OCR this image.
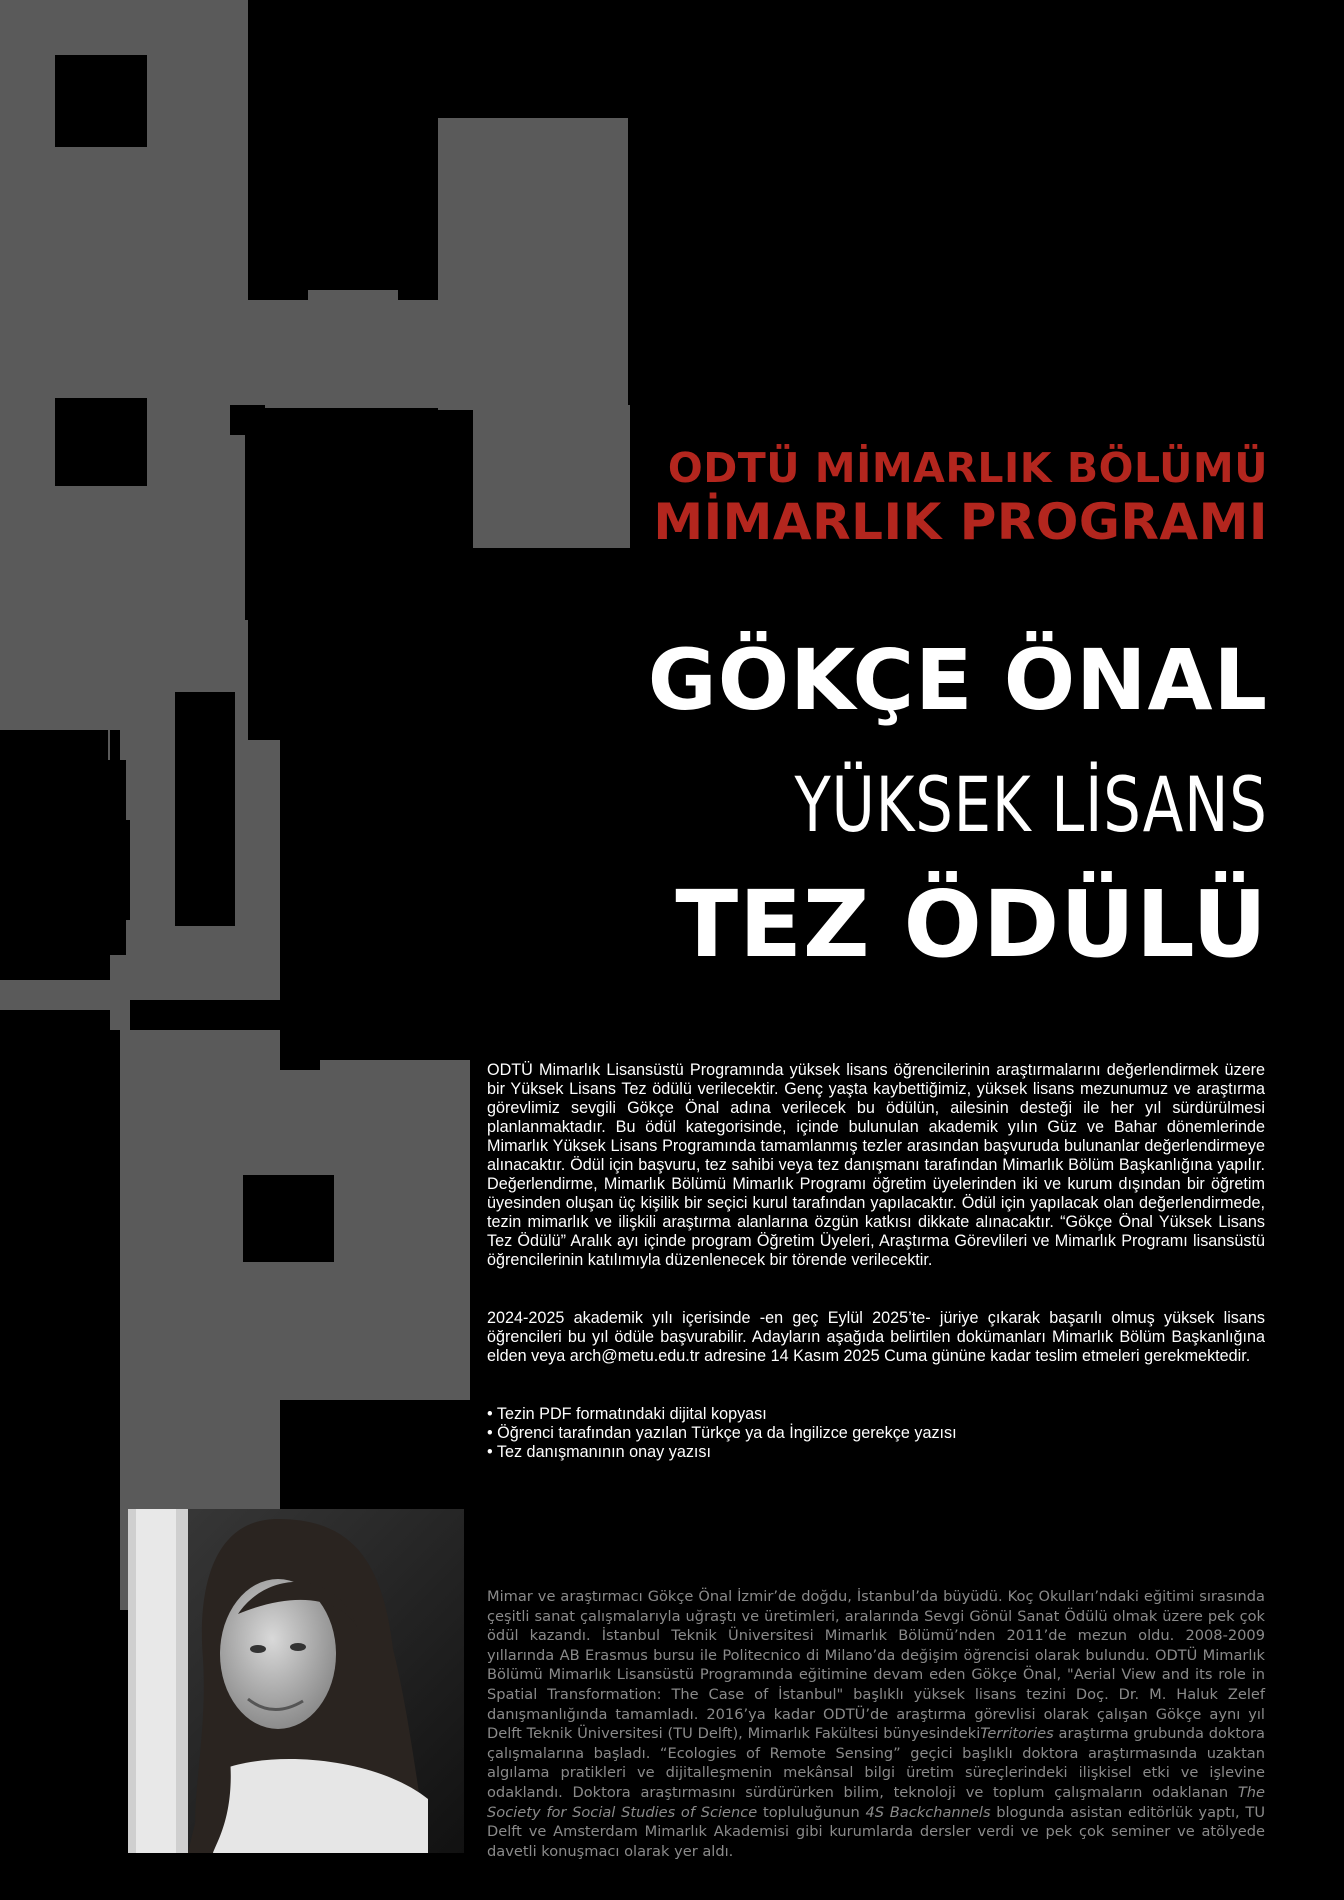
ODTÜ MİMARLIK BÖLÜMÜ
MİMARLIK PROGRAMI
GÖKÇE ÖNAL
YÜKSEK LİSANS
TEZ ÖDÜLÜ

ODTÜ Mimarlık Lisansüstü Programında yüksek lisans öğrencilerinin araştırmalarını değerlendirmek üzere bir Yüksek Lisans Tez ödülü verilecektir. Genç yaşta kaybettiğimiz, yüksek lisans mezunumuz ve araştırma görevlimiz sevgili Gökçe Önal adına verilecek bu ödülün, ailesinin desteği ile her yıl sürdürülmesi planlanmaktadır. Bu ödül kategorisinde, içinde bulunulan akademik yılın Güz ve Bahar dönemlerinde Mimarlık Yüksek Lisans Programında tamamlanmış tezler arasından başvuruda bulunanlar değerlendirmeye alınacaktır. Ödül için başvuru, tez sahibi veya tez danışmanı tarafından Mimarlık Bölüm Başkanlığına yapılır. Değerlendirme, Mimarlık Bölümü Mimarlık Programı öğretim üyelerinden iki ve kurum dışından bir öğretim üyesinden oluşan üç kişilik bir seçici kurul tarafından yapılacaktır. Ödül için yapılacak olan değerlendirmede, tezin mimarlık ve ilişkili araştırma alanlarına özgün katkısı dikkate alınacaktır. “Gökçe Önal Yüksek Lisans Tez Ödülü” Aralık ayı içinde program Öğretim Üyeleri, Araştırma Görevlileri ve Mimarlık Programı lisansüstü öğrencilerinin katılımıyla düzenlenecek bir törende verilecektir.

2024-2025 akademik yılı içerisinde -en geç Eylül 2025’te- jüriye çıkarak başarılı olmuş yüksek lisans öğrencileri bu yıl ödüle başvurabilir. Adayların aşağıda belirtilen dokümanları Mimarlık Bölüm Başkanlığına elden veya arch@metu.edu.tr adresine 14 Kasım 2025 Cuma gününe kadar teslim etmeleri gerekmektedir.

• Tezin PDF formatındaki dijital kopyası
• Öğrenci tarafından yazılan Türkçe ya da İngilizce gerekçe yazısı
• Tez danışmanının onay yazısı

Mimar ve araştırmacı Gökçe Önal İzmir’de doğdu, İstanbul’da büyüdü. Koç Okulları’ndaki eğitimi sırasında çeşitli sanat çalışmalarıyla uğraştı ve üretimleri, aralarında Sevgi Gönül Sanat Ödülü olmak üzere pek çok ödül kazandı. İstanbul Teknik Üniversitesi Mimarlık Bölümü’nden 2011’de mezun oldu. 2008-2009 yıllarında AB Erasmus bursu ile Politecnico di Milano’da değişim öğrencisi olarak bulundu. ODTÜ Mimarlık Bölümü Mimarlık Lisansüstü Programında eğitimine devam eden Gökçe Önal, "Aerial View and its role in Spatial Transformation: The Case of İstanbul" başlıklı yüksek lisans tezini Doç. Dr. M. Haluk Zelef danışmanlığında tamamladı. 2016’ya kadar ODTÜ’de araştırma görevlisi olarak çalışan Gökçe aynı yıl Delft Teknik Üniversitesi (TU Delft), Mimarlık Fakültesi bünyesindekiTerritories araştırma grubunda doktora çalışmalarına başladı. “Ecologies of Remote Sensing” geçici başlıklı doktora araştırmasında uzaktan algılama pratikleri ve dijitalleşmenin mekânsal bilgi üretim süreçlerindeki ilişkisel etki ve işlevine odaklandı. Doktora araştırmasını sürdürürken bilim, teknoloji ve toplum çalışmaların odaklanan The Society for Social Studies of Science topluluğunun 4S Backchannels blogunda asistan editörlük yaptı, TU Delft ve Amsterdam Mimarlık Akademisi gibi kurumlarda dersler verdi ve pek çok seminer ve atölyede davetli konuşmacı olarak yer aldı.
